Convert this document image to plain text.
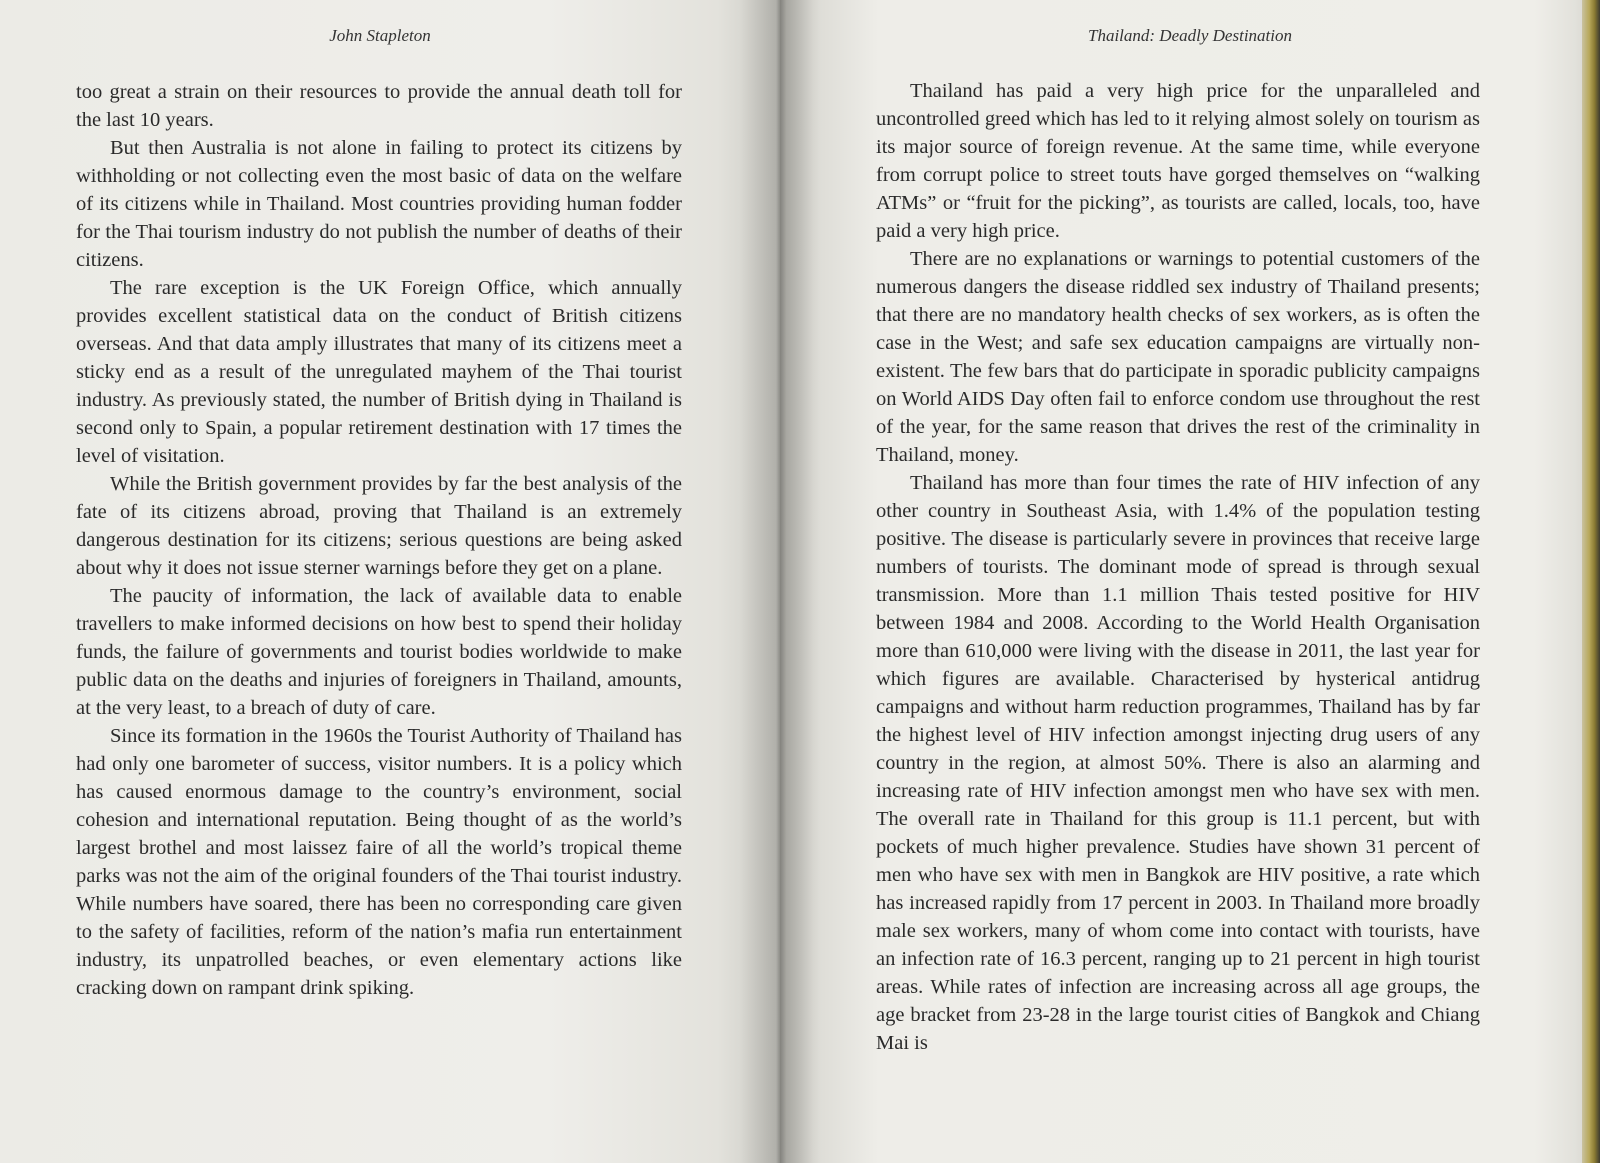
John Stapleton

too great a strain on their resources to provide the annual death toll for the last 10 years.

But then Australia is not alone in failing to protect its citizens by withholding or not collecting even the most basic of data on the welfare of its citizens while in Thailand. Most countries providing human fodder for the Thai tourism industry do not publish the number of deaths of their citizens.

The rare exception is the UK Foreign Office, which annually provides excellent statistical data on the conduct of British citizens overseas. And that data amply illustrates that many of its citizens meet a sticky end as a result of the unregulated mayhem of the Thai tourist industry. As previously stated, the number of British dying in Thailand is second only to Spain, a popular retirement destination with 17 times the level of visitation.

While the British government provides by far the best analysis of the fate of its citizens abroad, proving that Thailand is an extremely dangerous destination for its citizens; serious questions are being asked about why it does not issue sterner warnings before they get on a plane.

The paucity of information, the lack of available data to enable travellers to make informed decisions on how best to spend their holiday funds, the failure of governments and tourist bodies worldwide to make public data on the deaths and injuries of foreigners in Thailand, amounts, at the very least, to a breach of duty of care.

Since its formation in the 1960s the Tourist Authority of Thailand has had only one barometer of success, visitor numbers. It is a policy which has caused enormous damage to the country’s environment, social cohesion and international reputation. Being thought of as the world’s largest brothel and most laissez faire of all the world’s tropical theme parks was not the aim of the original founders of the Thai tourist industry. While numbers have soared, there has been no corresponding care given to the safety of facilities, reform of the nation’s mafia run entertainment industry, its unpatrolled beaches, or even elementary actions like cracking down on rampant drink spiking.

Thailand: Deadly Destination

Thailand has paid a very high price for the unparalleled and uncontrolled greed which has led to it relying almost solely on tourism as its major source of foreign revenue. At the same time, while everyone from corrupt police to street touts have gorged themselves on “walking ATMs” or “fruit for the picking”, as tourists are called, locals, too, have paid a very high price.

There are no explanations or warnings to potential customers of the numerous dangers the disease riddled sex industry of Thailand presents; that there are no mandatory health checks of sex workers, as is often the case in the West; and safe sex education campaigns are virtually non-existent. The few bars that do participate in sporadic publicity campaigns on World AIDS Day often fail to enforce condom use throughout the rest of the year, for the same reason that drives the rest of the criminality in Thailand, money.

Thailand has more than four times the rate of HIV infection of any other country in Southeast Asia, with 1.4% of the population testing positive. The disease is particularly severe in provinces that receive large numbers of tourists. The dominant mode of spread is through sexual transmission. More than 1.1 million Thais tested positive for HIV between 1984 and 2008. According to the World Health Organisation more than 610,000 were living with the disease in 2011, the last year for which figures are available. Characterised by hysterical antidrug campaigns and without harm reduction programmes, Thailand has by far the highest level of HIV infection amongst injecting drug users of any country in the region, at almost 50%. There is also an alarming and increasing rate of HIV infection amongst men who have sex with men. The overall rate in Thailand for this group is 11.1 percent, but with pockets of much higher prevalence. Studies have shown 31 percent of men who have sex with men in Bangkok are HIV positive, a rate which has increased rapidly from 17 percent in 2003. In Thailand more broadly male sex workers, many of whom come into contact with tourists, have an infection rate of 16.3 percent, ranging up to 21 percent in high tourist areas. While rates of infection are increasing across all age groups, the age bracket from 23-28 in the large tourist cities of Bangkok and Chiang Mai is
